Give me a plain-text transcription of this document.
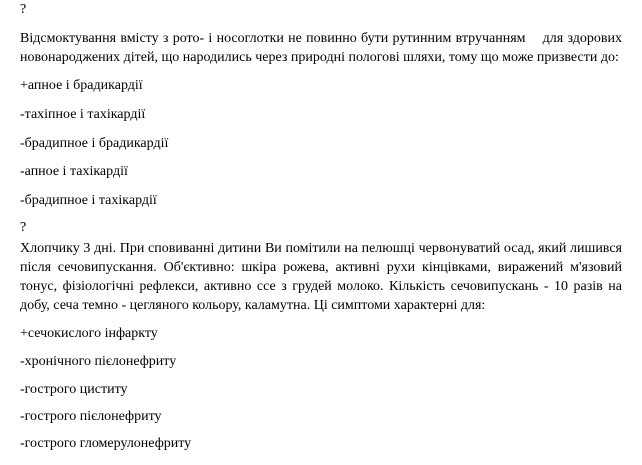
?

Відсмоктування вмісту з рото- і носоглотки не повинно бути рутинним втручанням    для здорових новонароджених дітей, що народились через природні пологові шляхи, тому що може призвести до:

+апное і брадикардії

-тахіпное і тахікардії

-брадипное і брадикардії

-апное і тахікардії

-брадипное і тахікардії

?

Хлопчику 3 дні. При сповиванні дитини Ви помітили на пелюшці червонуватий осад, який лишився після сечовипускання. Об'єктивно: шкіра рожева, активні рухи кінцівками, виражений м'язовий тонус, фізіологічні рефлекси, активно ссе з грудей молоко. Кількість сечовипускань - 10 разів на добу, сеча темно - цегляного кольору, каламутна. Ці симптоми характерні для:

+сечокислого інфаркту

-хронічного пієлонефриту

-гострого циститу

-гострого пієлонефриту

-гострого гломерулонефриту
